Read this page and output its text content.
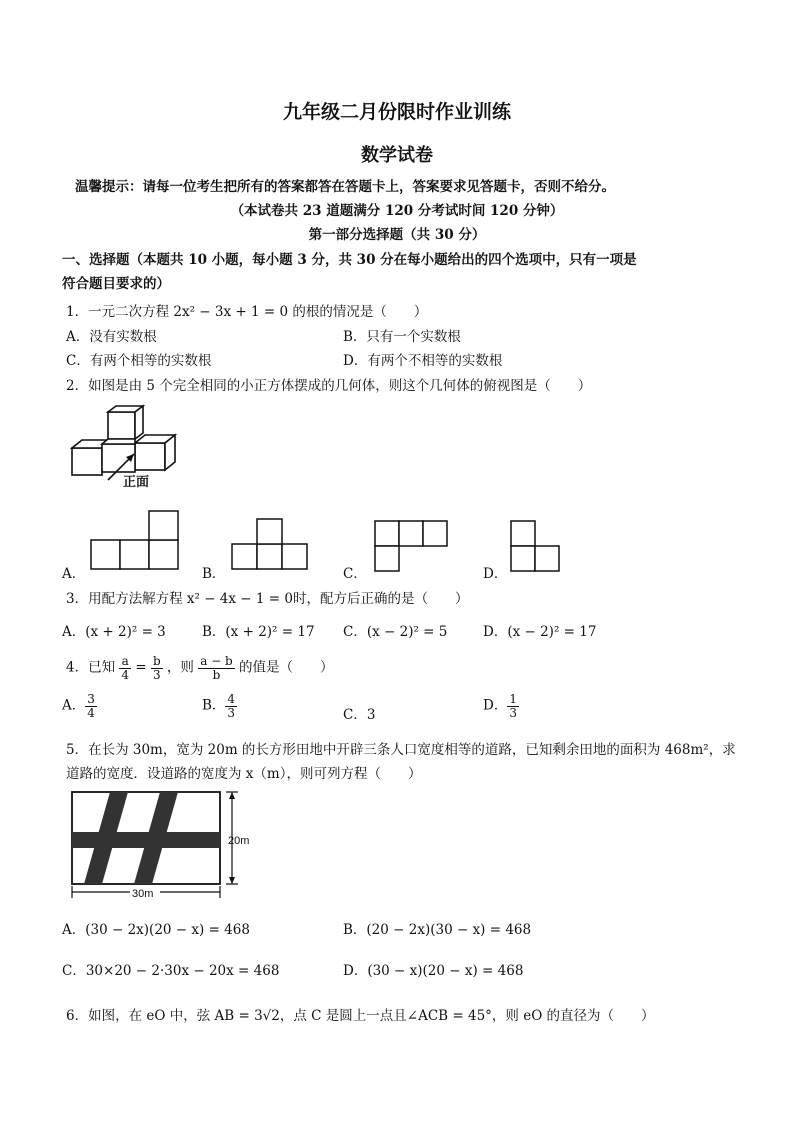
九年级二月份限时作业训练
数学试卷
温馨提示：请每一位考生把所有的答案都答在答题卡上，答案要求见答题卡，否则不给分。
（本试卷共 23 道题满分 120 分考试时间 120 分钟）
第一部分选择题（共 30 分）
一、选择题（本题共 10 小题，每小题 3 分，共 30 分在每小题给出的四个选项中，只有一项是
符合题目要求的）
1．一元二次方程 2x² − 3x + 1 = 0 的根的情况是（　　）
A．没有实数根	B．只有一个实数根
C．有两个相等的实数根	D．有两个不相等的实数根
2．如图是由 5 个完全相同的小正方体摆成的几何体，则这个几何体的俯视图是（　　）
正面
A．	B．	C．	D．
3．用配方法解方程 x² − 4x − 1 = 0时，配方后正确的是（　　）
A．(x + 2)² = 3	B．(x + 2)² = 17 C．(x − 2)² = 5	D．(x − 2)² = 17
4．已知 $\frac{a}{4} = \frac{b}{3}$ ，则 $\frac{a - b}{b}$ 的值是（　　）
A． $\frac{3}{4}$	B． $\frac{4}{3}$	C．3
D． $\frac{1}{3}$
5．在长为 30m，宽为 20m 的长方形田地中开辟三条人口宽度相等的道路，已知剩余田地的面积为 468m²，求
道路的宽度．设道路的宽度为 x（m），则可列方程（　　）
20m
30m
A．(30 − 2x)(20 − x) = 468	B．(20 − 2x)(30 − x) = 468
C．30×20 − 2·30x − 20x = 468	D．(30 − x)(20 − x) = 468
6．如图，在 eO 中，弦 AB = 3√2，点 C 是圆上一点且∠ACB = 45°，则 eO 的直径为（　　）
